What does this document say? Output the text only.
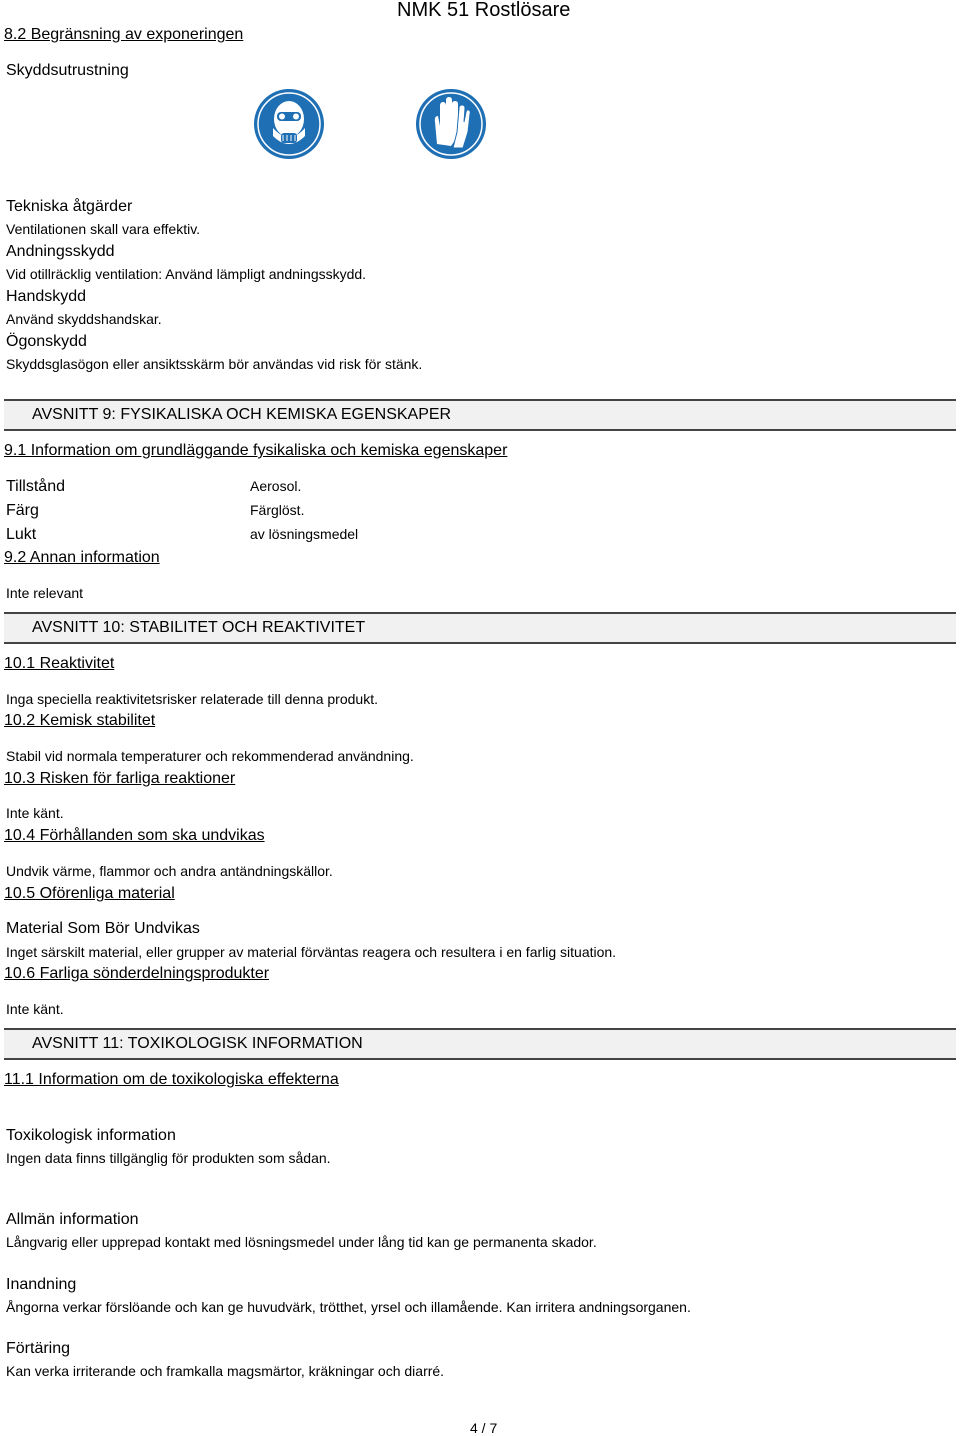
NMK 51 Rostlösare
8.2 Begränsning av exponeringen
Skyddsutrustning
Tekniska åtgärder
Ventilationen skall vara effektiv.
Andningsskydd
Vid otillräcklig ventilation: Använd lämpligt andningsskydd.
Handskydd
Använd skyddshandskar.
Ögonskydd
Skyddsglasögon eller ansiktsskärm bör användas vid risk för stänk.
AVSNITT 9: FYSIKALISKA OCH KEMISKA EGENSKAPER
9.1 Information om grundläggande fysikaliska och kemiska egenskaper
Tillstånd	Aerosol.
Färg	Färglöst.
Lukt	av lösningsmedel
9.2 Annan information
Inte relevant
AVSNITT 10: STABILITET OCH REAKTIVITET
10.1 Reaktivitet
Inga speciella reaktivitetsrisker relaterade till denna produkt.
10.2 Kemisk stabilitet
Stabil vid normala temperaturer och rekommenderad användning.
10.3 Risken för farliga reaktioner
Inte känt.
10.4 Förhållanden som ska undvikas
Undvik värme, flammor och andra antändningskällor.
10.5 Oförenliga material
Material Som Bör Undvikas
Inget särskilt material, eller grupper av material förväntas reagera och resultera i en farlig situation.
10.6 Farliga sönderdelningsprodukter
Inte känt.
AVSNITT 11: TOXIKOLOGISK INFORMATION
11.1 Information om de toxikologiska effekterna
Toxikologisk information
Ingen data finns tillgänglig för produkten som sådan.
Allmän information
Långvarig eller upprepad kontakt med lösningsmedel under lång tid kan ge permanenta skador.
Inandning
Ångorna verkar förslöande och kan ge huvudvärk, trötthet, yrsel och illamående. Kan irritera andningsorganen.
Förtäring
Kan verka irriterande och framkalla magsmärtor, kräkningar och diarré.
4 / 7
